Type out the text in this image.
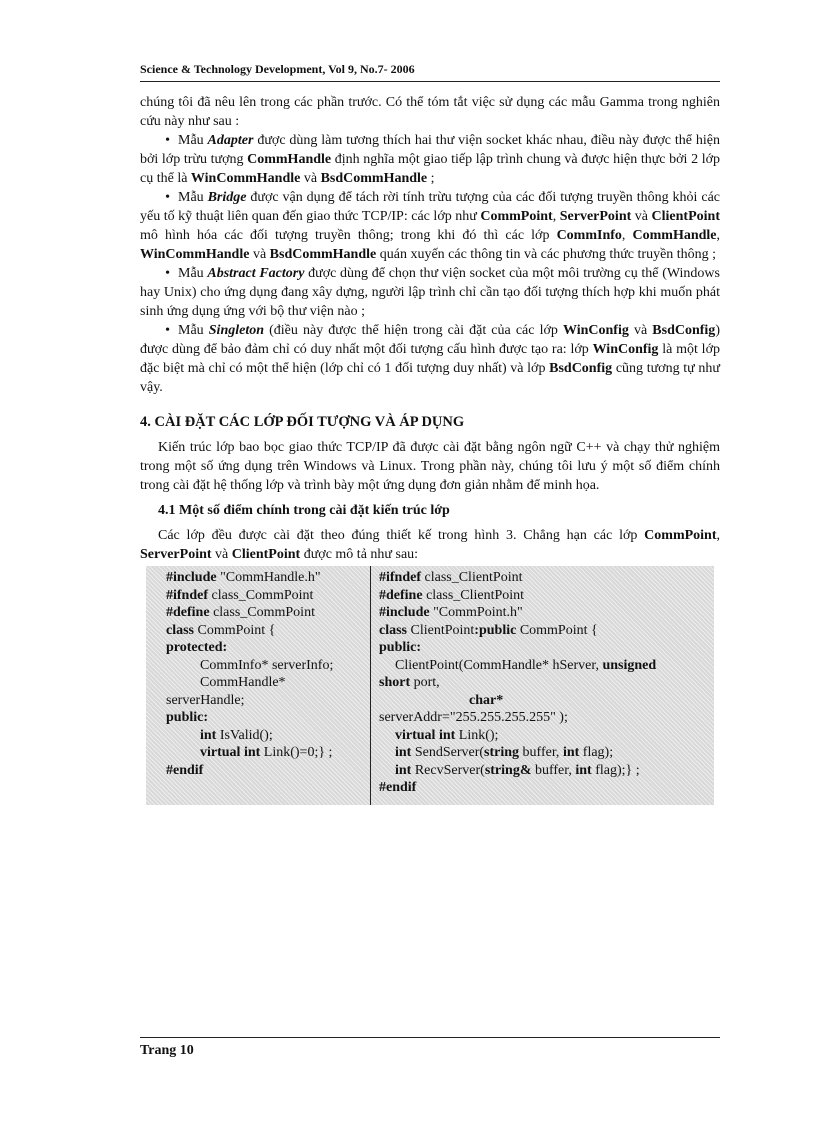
Science & Technology Development, Vol 9, No.7- 2006

chúng tôi đã nêu lên trong các phần trước. Có thể tóm tắt việc sử dụng các mẫu Gamma trong nghiên cứu này như sau :

• Mẫu Adapter được dùng làm tương thích hai thư viện socket khác nhau, điều này được thể hiện bởi lớp trừu tượng CommHandle định nghĩa một giao tiếp lập trình chung và được hiện thực bởi 2 lớp cụ thể là WinCommHandle và BsdCommHandle ;

• Mẫu Bridge được vận dụng để tách rời tính trừu tượng của các đối tượng truyền thông khỏi các yếu tố kỹ thuật liên quan đến giao thức TCP/IP: các lớp như CommPoint, ServerPoint và ClientPoint mô hình hóa các đối tượng truyền thông; trong khi đó thì các lớp CommInfo, CommHandle, WinCommHandle và BsdCommHandle quán xuyến các thông tin và các phương thức truyền thông ;

• Mẫu Abstract Factory được dùng để chọn thư viện socket của một môi trường cụ thể (Windows hay Unix) cho ứng dụng đang xây dựng, người lập trình chỉ cần tạo đối tượng thích hợp khi muốn phát sinh ứng dụng ứng với bộ thư viện nào ;

• Mẫu Singleton (điều này được thể hiện trong cài đặt của các lớp WinConfig và BsdConfig) được dùng để bảo đảm chỉ có duy nhất một đối tượng cấu hình được tạo ra: lớp WinConfig là một lớp đặc biệt mà chỉ có một thể hiện (lớp chỉ có 1 đối tượng duy nhất) và lớp BsdConfig cũng tương tự như vậy.

4. CÀI ĐẶT CÁC LỚP ĐỐI TƯỢNG VÀ ÁP DỤNG

Kiến trúc lớp bao bọc giao thức TCP/IP đã được cài đặt bằng ngôn ngữ C++ và chạy thử nghiệm trong một số ứng dụng trên Windows và Linux. Trong phần này, chúng tôi lưu ý một số điểm chính trong cài đặt hệ thống lớp và trình bày một ứng dụng đơn giản nhằm để minh họa.

4.1 Một số điểm chính trong cài đặt kiến trúc lớp

Các lớp đều được cài đặt theo đúng thiết kế trong hình 3. Chẳng hạn các lớp CommPoint, ServerPoint và ClientPoint được mô tả như sau:

#include "CommHandle.h"
#ifndef class_CommPoint
#define class_CommPoint
class CommPoint {
protected:
CommInfo* serverInfo;
CommHandle*
serverHandle;
public:
int IsValid();
virtual int Link()=0;} ;
#endif

#ifndef class_ClientPoint
#define class_ClientPoint
#include "CommPoint.h"
class ClientPoint:public CommPoint {
public:
ClientPoint(CommHandle* hServer, unsigned
short port,
char*
serverAddr="255.255.255.255" );
virtual int Link();
int SendServer(string buffer, int flag);
int RecvServer(string& buffer, int flag);} ;
#endif
Trang 10
